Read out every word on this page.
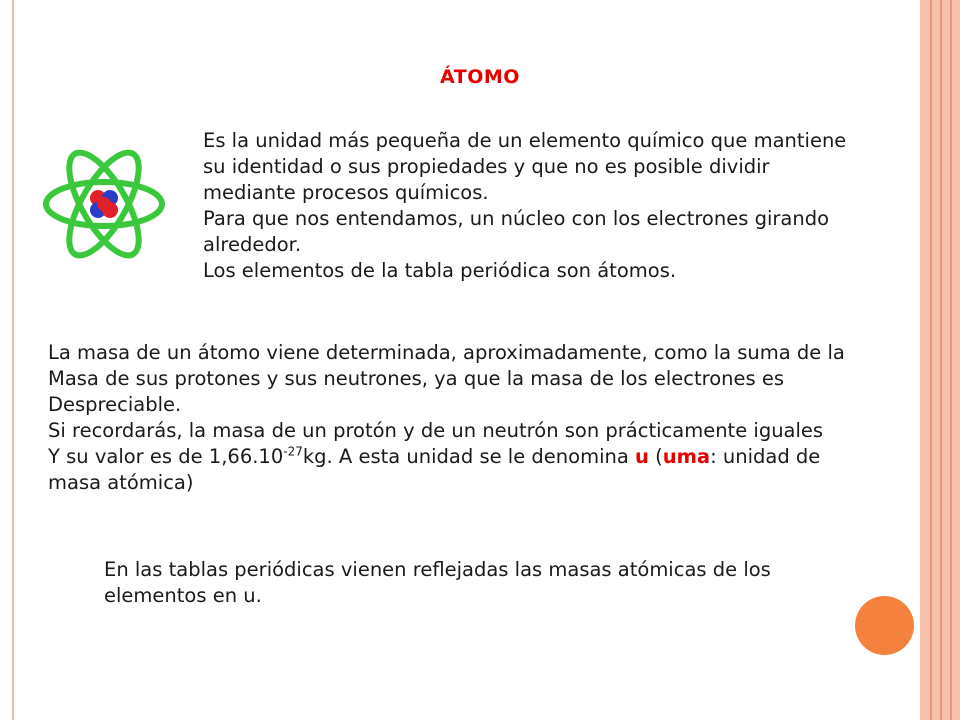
ÁTOMO
Es la unidad más pequeña de un elemento químico que mantiene
su identidad o sus propiedades y que no es posible dividir
mediante procesos químicos.
Para que nos entendamos, un núcleo con los electrones girando
alrededor.
Los elementos de la tabla periódica son átomos.
La masa de un átomo viene determinada, aproximadamente, como la suma de la
Masa de sus protones y sus neutrones, ya que la masa de los electrones es
Despreciable.
Si recordarás, la masa de un protón y de un neutrón son prácticamente iguales
Y su valor es de $1,66.10^{-27}kg$. A esta unidad se le denomina u (uma: unidad de
masa atómica)
En las tablas periódicas vienen reflejadas las masas atómicas de los
elementos en u.
